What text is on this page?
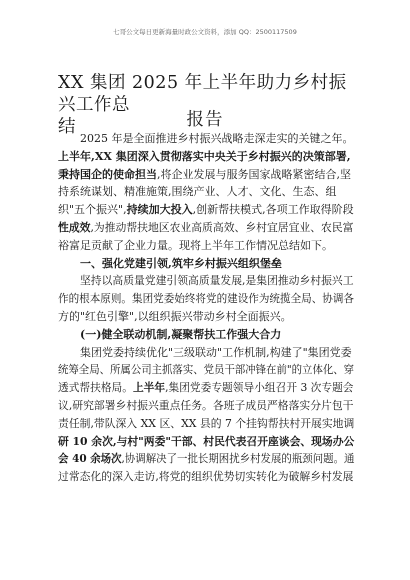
七哥公文每日更新海量时政公文资料，添加 QQ：2500117509
XX 集团 2025 年上半年助力乡村振兴工作总
结	报告
2025 年是全面推进乡村振兴战略走深走实的关键之年。
上半年,XX 集团深入贯彻落实中央关于乡村振兴的决策部署,
秉持国企的使命担当,将企业发展与服务国家战略紧密结合,坚
持系统谋划、精准施策,围绕产业、人才、文化、生态、组
织"五个振兴",持续加大投入,创新帮扶模式,各项工作取得阶段
性成效,为推动帮扶地区农业高质高效、乡村宜居宜业、农民富
裕富足贡献了企业力量。现将上半年工作情况总结如下。
一、强化党建引领,筑牢乡村振兴组织堡垒
坚持以高质量党建引领高质量发展,是集团推动乡村振兴工
作的根本原则。集团党委始终将党的建设作为统揽全局、协调各
方的"红色引擎",以组织振兴带动乡村全面振兴。
(一)健全联动机制,凝聚帮扶工作强大合力
集团党委持续优化"三级联动"工作机制,构建了"集团党委
统筹全局、所属公司主抓落实、党员干部冲锋在前"的立体化、穿
透式帮扶格局。上半年,集团党委专题领导小组召开 3 次专题会
议,研究部署乡村振兴重点任务。各班子成员严格落实分片包干
责任制,带队深入 XX 区、XX 县的 7 个挂钩帮扶村开展实地调
研 10 余次,与村"两委"干部、村民代表召开座谈会、现场办公
会 40 余场次,协调解决了一批长期困扰乡村发展的瓶颈问题。通
过常态化的深入走访,将党的组织优势切实转化为破解乡村发展
